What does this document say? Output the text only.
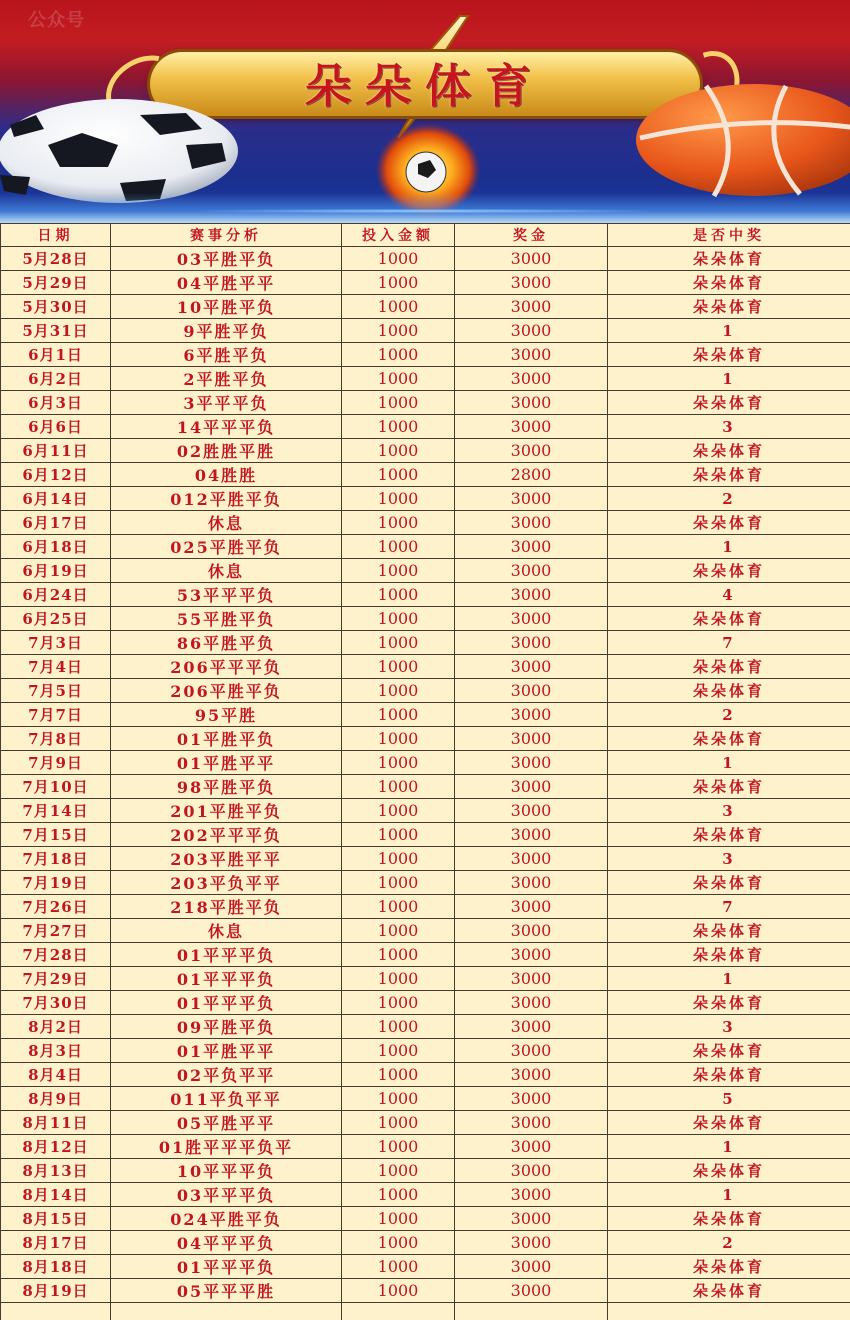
公众号
朵朵体育
日期	赛事分析	投入金额	奖金	是否中奖
5月28日	03平胜平负	1000	3000	朵朵体育
5月29日	04平胜平平	1000	3000	朵朵体育
5月30日	10平胜平负	1000	3000	朵朵体育
5月31日	9平胜平负	1000	3000	1
6月1日	6平胜平负	1000	3000	朵朵体育
6月2日	2平胜平负	1000	3000	1
6月3日	3平平平负	1000	3000	朵朵体育
6月6日	14平平平负	1000	3000	3
6月11日	02胜胜平胜	1000	3000	朵朵体育
6月12日	04胜胜	1000	2800	朵朵体育
6月14日	012平胜平负	1000	3000	2
6月17日	休息	1000	3000	朵朵体育
6月18日	025平胜平负	1000	3000	1
6月19日	休息	1000	3000	朵朵体育
6月24日	53平平平负	1000	3000	4
6月25日	55平胜平负	1000	3000	朵朵体育
7月3日	86平胜平负	1000	3000	7
7月4日	206平平平负	1000	3000	朵朵体育
7月5日	206平胜平负	1000	3000	朵朵体育
7月7日	95平胜	1000	3000	2
7月8日	01平胜平负	1000	3000	朵朵体育
7月9日	01平胜平平	1000	3000	1
7月10日	98平胜平负	1000	3000	朵朵体育
7月14日	201平胜平负	1000	3000	3
7月15日	202平平平负	1000	3000	朵朵体育
7月18日	203平胜平平	1000	3000	3
7月19日	203平负平平	1000	3000	朵朵体育
7月26日	218平胜平负	1000	3000	7
7月27日	休息	1000	3000	朵朵体育
7月28日	01平平平负	1000	3000	朵朵体育
7月29日	01平平平负	1000	3000	1
7月30日	01平平平负	1000	3000	朵朵体育
8月2日	09平胜平负	1000	3000	3
8月3日	01平胜平平	1000	3000	朵朵体育
8月4日	02平负平平	1000	3000	朵朵体育
8月9日	011平负平平	1000	3000	5
8月11日	05平胜平平	1000	3000	朵朵体育
8月12日	01胜平平平负平	1000	3000	1
8月13日	10平平平负	1000	3000	朵朵体育
8月14日	03平平平负	1000	3000	1
8月15日	024平胜平负	1000	3000	朵朵体育
8月17日	04平平平负	1000	3000	2
8月18日	01平平平负	1000	3000	朵朵体育
8月19日	05平平平胜	1000	3000	朵朵体育
